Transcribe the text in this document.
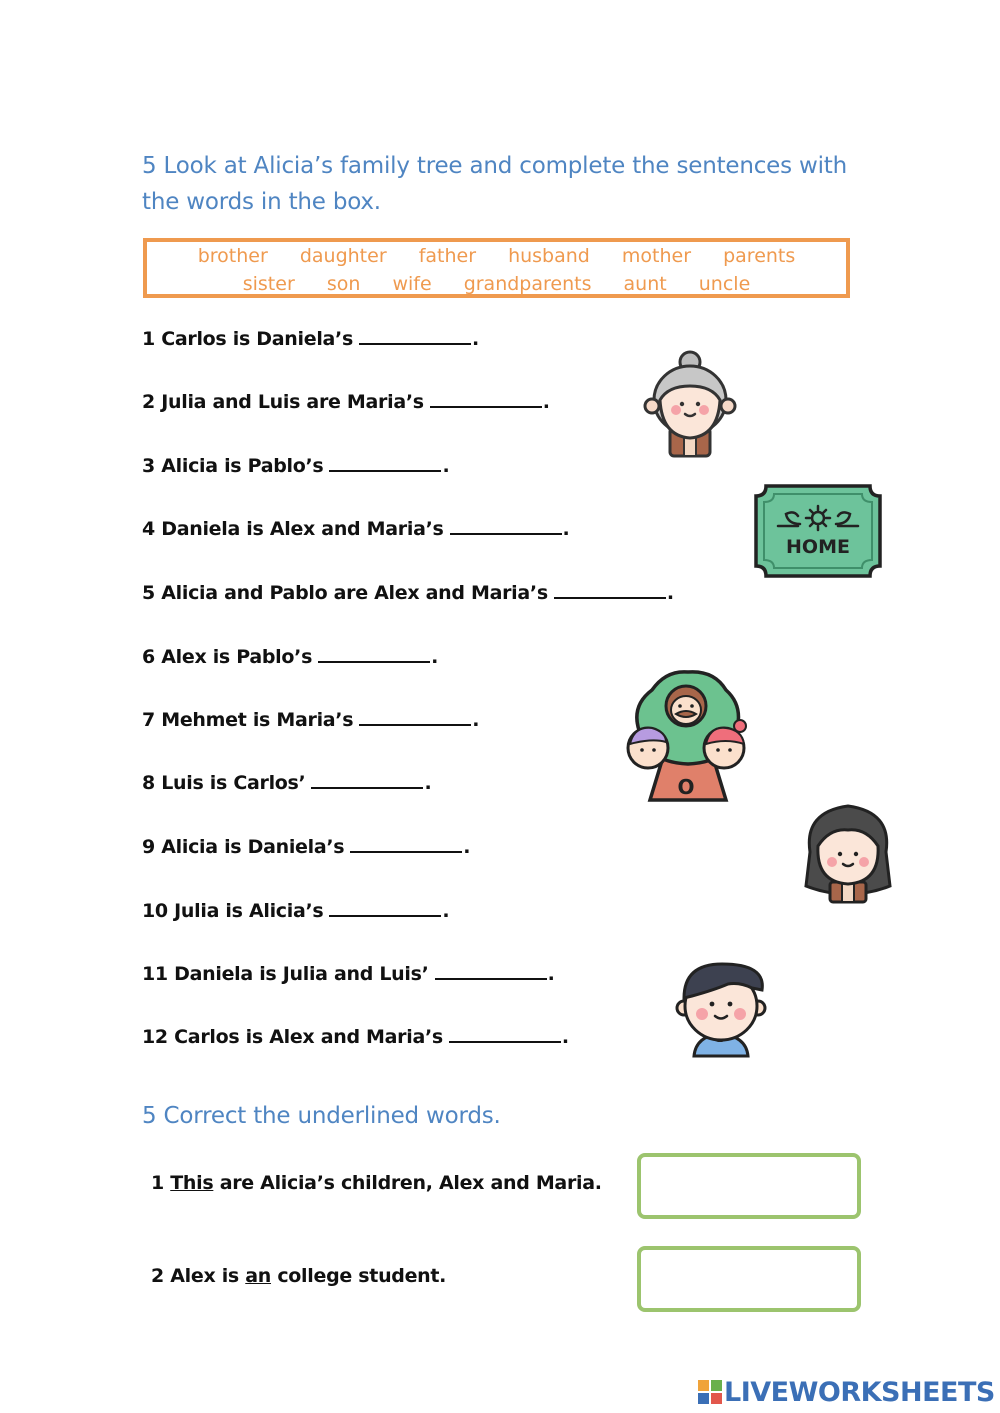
5 Look at Alicia’s family tree and complete the sentences with the words in the box.
brother daughter father husband mother parents
sister son wife grandparents aunt uncle
1 Carlos is Daniela’s	.
2 Julia and Luis are Maria’s	.
3 Alicia is Pablo’s	.
4 Daniela is Alex and Maria’s	.
5 Alicia and Pablo are Alex and Maria’s	.
6 Alex is Pablo’s	.
7 Mehmet is Maria’s	.
8 Luis is Carlos’	.
9 Alicia is Daniela’s	.
10 Julia is Alicia’s	.
11 Daniela is Julia and Luis’	.
12 Carlos is Alex and Maria’s	.
HOME
O
5 Correct the underlined words.
1 This are Alicia’s children, Alex and Maria.
2 Alex is an college student.
LIVEWORKSHEETS
